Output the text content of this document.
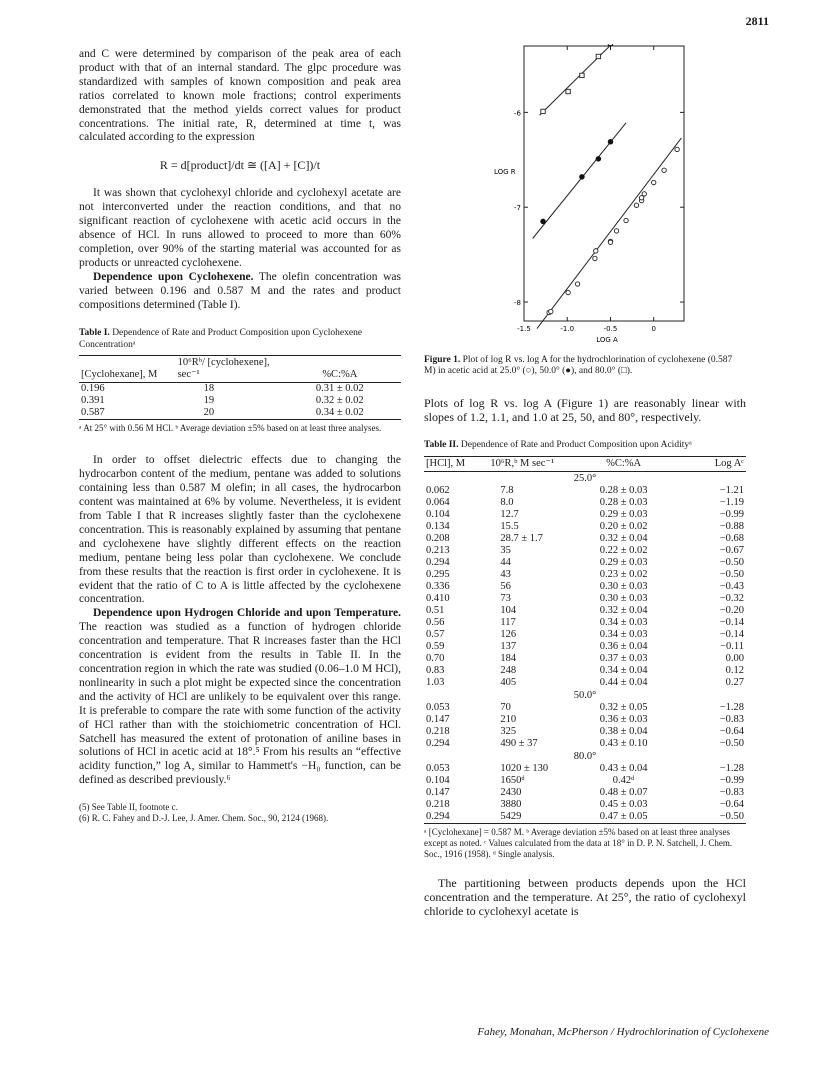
2811

and C were determined by comparison of the peak area of each product with that of an internal standard. The glpc procedure was standardized with samples of known composition and peak area ratios correlated to known mole fractions; control experiments demonstrated that the method yields correct values for product concentrations. The initial rate, R, determined at time t, was calculated according to the expression

R = d[product]/dt ≅ ([A] + [C])/t

It was shown that cyclohexyl chloride and cyclohexyl acetate are not interconverted under the reaction conditions, and that no significant reaction of cyclohexene with acetic acid occurs in the absence of HCl. In runs allowed to proceed to more than 60% completion, over 90% of the starting material was accounted for as products or unreacted cyclohexene.

Dependence upon Cyclohexene. The olefin concentration was varied between 0.196 and 0.587 M and the rates and product compositions determined (Table I).

Table I. Dependence of Rate and Product Composition upon Cyclohexene Concentrationᵃ
[Cyclohexane], M	10⁶Rᵇ/ [cyclohexene], sec⁻¹	%C:%A
0.196	18	0.31 ± 0.02
0.391	19	0.32 ± 0.02
0.587	20	0.34 ± 0.02
ᵃ At 25° with 0.56 M HCl. ᵇ Average deviation ±5% based on at least three analyses.

In order to offset dielectric effects due to changing the hydrocarbon content of the medium, pentane was added to solutions containing less than 0.587 M olefin; in all cases, the hydrocarbon content was maintained at 6% by volume. Nevertheless, it is evident from Table I that R increases slightly faster than the cyclohexene concentration. This is reasonably explained by assuming that pentane and cyclohexene have slightly different effects on the reaction medium, pentane being less polar than cyclohexene. We conclude from these results that the reaction is first order in cyclohexene. It is evident that the ratio of C to A is little affected by the cyclohexene concentration.

Dependence upon Hydrogen Chloride and upon Temperature. The reaction was studied as a function of hydrogen chloride concentration and temperature. That R increases faster than the HCl concentration is evident from the results in Table II. In the concentration region in which the rate was studied (0.06–1.0 M HCl), nonlinearity in such a plot might be expected since the concentration and the activity of HCl are unlikely to be equivalent over this range. It is preferable to compare the rate with some function of the activity of HCl rather than with the stoichiometric concentration of HCl. Satchell has measured the extent of protonation of aniline bases in solutions of HCl in acetic acid at 18°.⁵ From his results an “effective acidity function,” log A, similar to Hammett's −H₀ function, can be defined as described previously.⁶

(5) See Table II, footnote c.
(6) R. C. Fahey and D.-J. Lee, J. Amer. Chem. Soc., 90, 2124 (1968).
LOG R
LOG A
-1.5	-1.0	-0.5	0
-6
-7
-8
Figure 1. Plot of log R vs. log A for the hydrochlorination of cyclohexene (0.587 M) in acetic acid at 25.0° (○), 50.0° (●), and 80.0° (□).

Plots of log R vs. log A (Figure 1) are reasonably linear with slopes of 1.2, 1.1, and 1.0 at 25, 50, and 80°, respectively.

Table II. Dependence of Rate and Product Composition upon Acidityᵃ
[HCl], M	10⁶R,ᵇ M sec⁻¹	%C:%A	Log Aᶜ
25.0°			
0.062	7.8	0.28 ± 0.03	−1.21
0.064	8.0	0.28 ± 0.03	−1.19
0.104	12.7	0.29 ± 0.03	−0.99
0.134	15.5	0.20 ± 0.02	−0.88
0.208	28.7 ± 1.7	0.32 ± 0.04	−0.68
0.213	35	0.22 ± 0.02	−0.67
0.294	44	0.29 ± 0.03	−0.50
0.295	43	0.23 ± 0.02	−0.50
0.336	56	0.30 ± 0.03	−0.43
0.410	73	0.30 ± 0.03	−0.32
0.51	104	0.32 ± 0.04	−0.20
0.56	117	0.34 ± 0.03	−0.14
0.57	126	0.34 ± 0.03	−0.14
0.59	137	0.36 ± 0.04	−0.11
0.70	184	0.37 ± 0.03	0.00
0.83	248	0.34 ± 0.04	0.12
1.03	405	0.44 ± 0.04	0.27
50.0°			
0.053	70	0.32 ± 0.05	−1.28
0.147	210	0.36 ± 0.03	−0.83
0.218	325	0.38 ± 0.04	−0.64
0.294	490 ± 37	0.43 ± 0.10	−0.50
80.0°			
0.053	1020 ± 130	0.43 ± 0.04	−1.28
0.104	1650ᵈ	0.42ᵈ	−0.99
0.147	2430	0.48 ± 0.07	−0.83
0.218	3880	0.45 ± 0.03	−0.64
0.294	5429	0.47 ± 0.05	−0.50
ᵃ [Cyclohexane] = 0.587 M. ᵇ Average deviation ±5% based on at least three analyses except as noted. ᶜ Values calculated from the data at 18° in D. P. N. Satchell, J. Chem. Soc., 1916 (1958). ᵈ Single analysis.

The partitioning between products depends upon the HCl concentration and the temperature. At 25°, the ratio of cyclohexyl chloride to cyclohexyl acetate is

Fahey, Monahan, McPherson / Hydrochlorination of Cyclohexene
